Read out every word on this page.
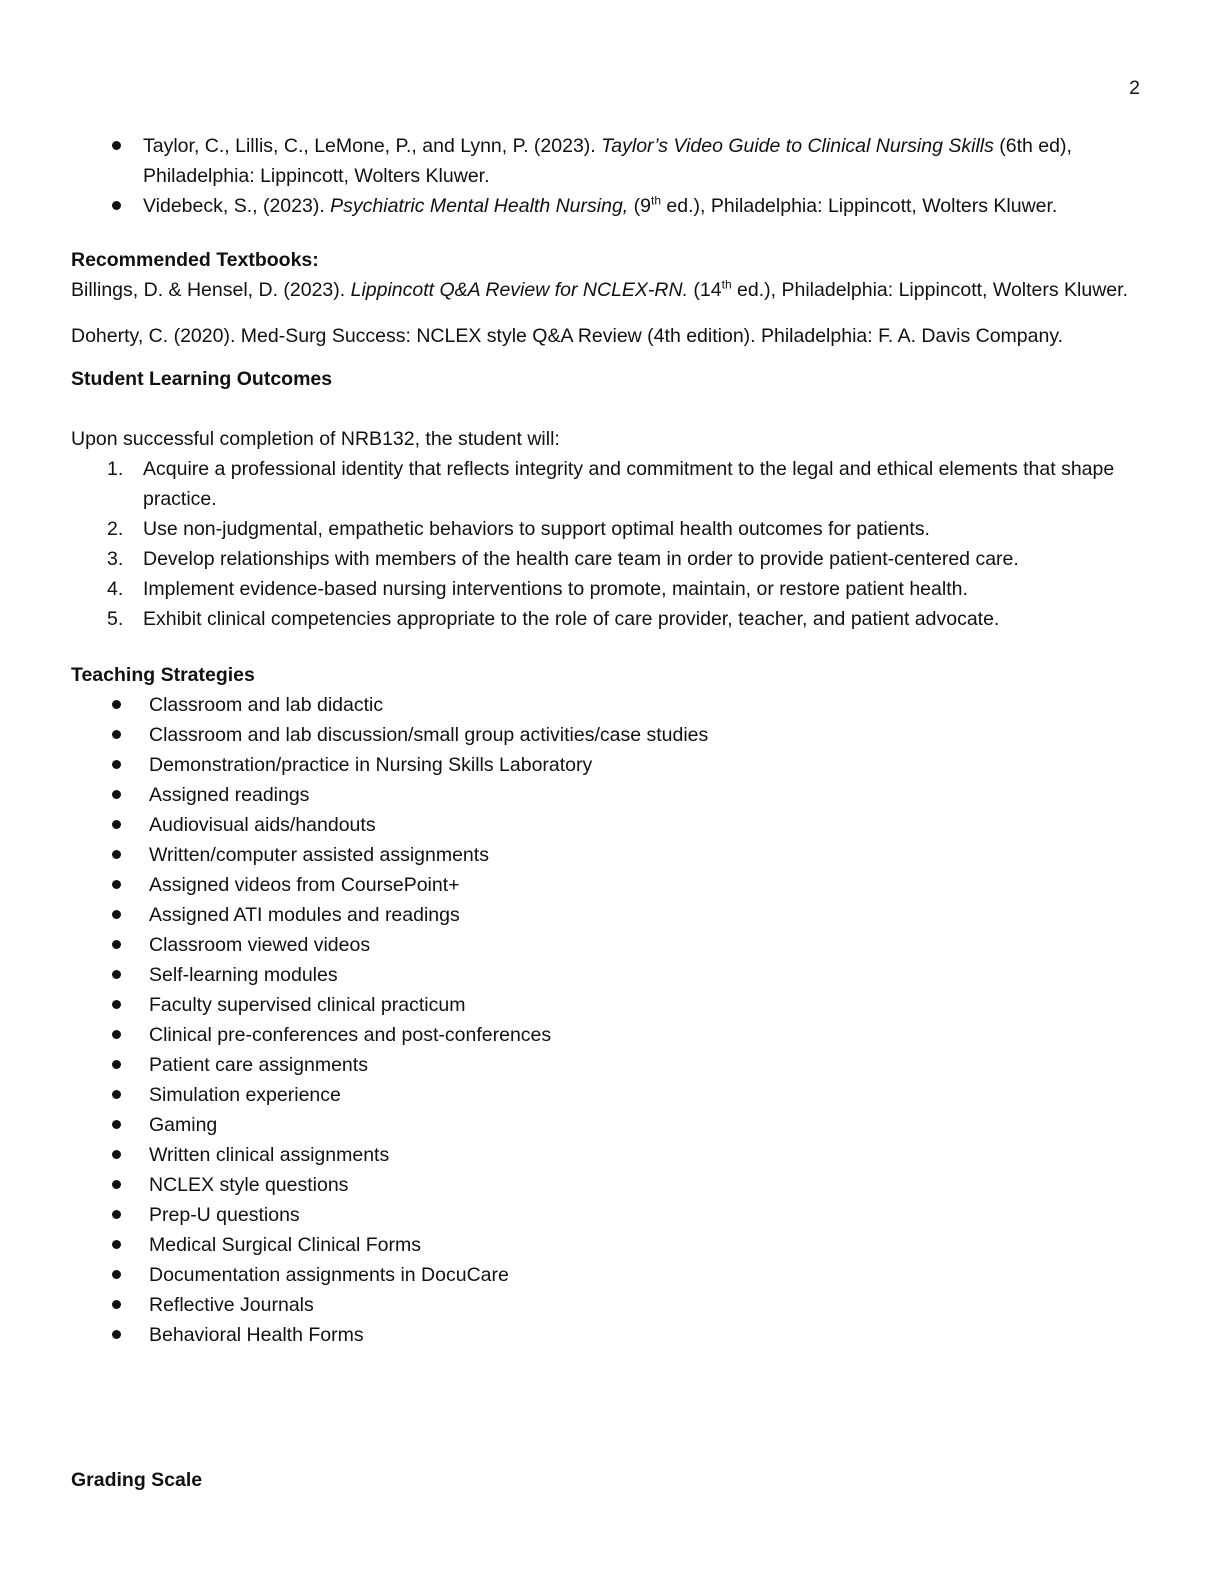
2

Taylor, C., Lillis, C., LeMone, P., and Lynn, P. (2023). Taylor’s Video Guide to Clinical Nursing Skills (6th ed), Philadelphia: Lippincott, Wolters Kluwer.
Videbeck, S., (2023). Psychiatric Mental Health Nursing, (9th ed.), Philadelphia: Lippincott, Wolters Kluwer.

Recommended Textbooks:

Billings, D. & Hensel, D. (2023). Lippincott Q&A Review for NCLEX-RN. (14th ed.), Philadelphia: Lippincott, Wolters Kluwer.

Doherty, C. (2020). Med-Surg Success: NCLEX style Q&A Review (4th edition). Philadelphia: F. A. Davis Company.

Student Learning Outcomes

Upon successful completion of NRB132, the student will:

1. Acquire a professional identity that reflects integrity and commitment to the legal and ethical elements that shape practice.
2. Use non-judgmental, empathetic behaviors to support optimal health outcomes for patients.
3. Develop relationships with members of the health care team in order to provide patient-centered care.
4. Implement evidence-based nursing interventions to promote, maintain, or restore patient health.
5. Exhibit clinical competencies appropriate to the role of care provider, teacher, and patient advocate.

Teaching Strategies

Classroom and lab didactic
Classroom and lab discussion/small group activities/case studies
Demonstration/practice in Nursing Skills Laboratory
Assigned readings
Audiovisual aids/handouts
Written/computer assisted assignments
Assigned videos from CoursePoint+
Assigned ATI modules and readings
Classroom viewed videos
Self-learning modules
Faculty supervised clinical practicum
Clinical pre-conferences and post-conferences
Patient care assignments
Simulation experience
Gaming
Written clinical assignments
NCLEX style questions
Prep-U questions
Medical Surgical Clinical Forms
Documentation assignments in DocuCare
Reflective Journals
Behavioral Health Forms

Grading Scale
